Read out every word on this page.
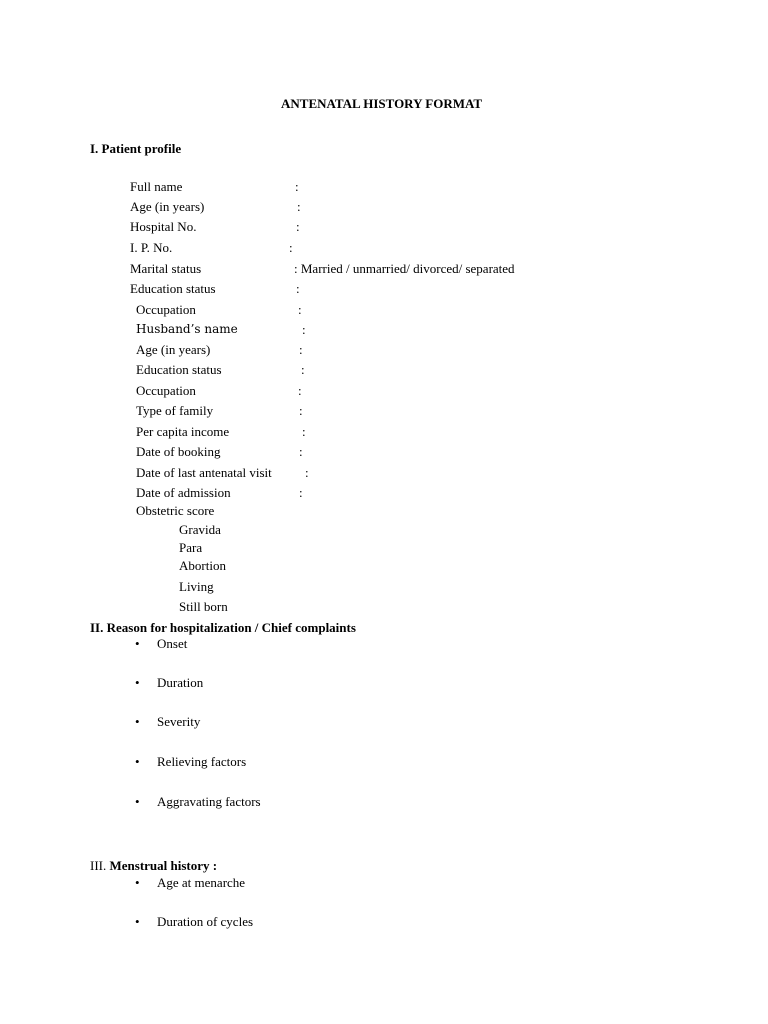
ANTENATAL HISTORY FORMAT
I. Patient profile
Full name	:
Age (in years)	:
Hospital No.	:
I. P. No.	:
Marital status	: Married / unmarried/ divorced/ separated
Education status	:
Occupation	:
Husband’s name	:
Age (in years)	:
Education status	:
Occupation	:
Type of family	:
Per capita income	:
Date of booking	:
Date of last antenatal visit	:
Date of admission	:
Obstetric score
Gravida
Para
Abortion
Living
Still born
II. Reason for hospitalization / Chief complaints
• Onset
• Duration
• Severity
• Relieving factors
• Aggravating factors
III. Menstrual history :
• Age at menarche
• Duration of cycles
